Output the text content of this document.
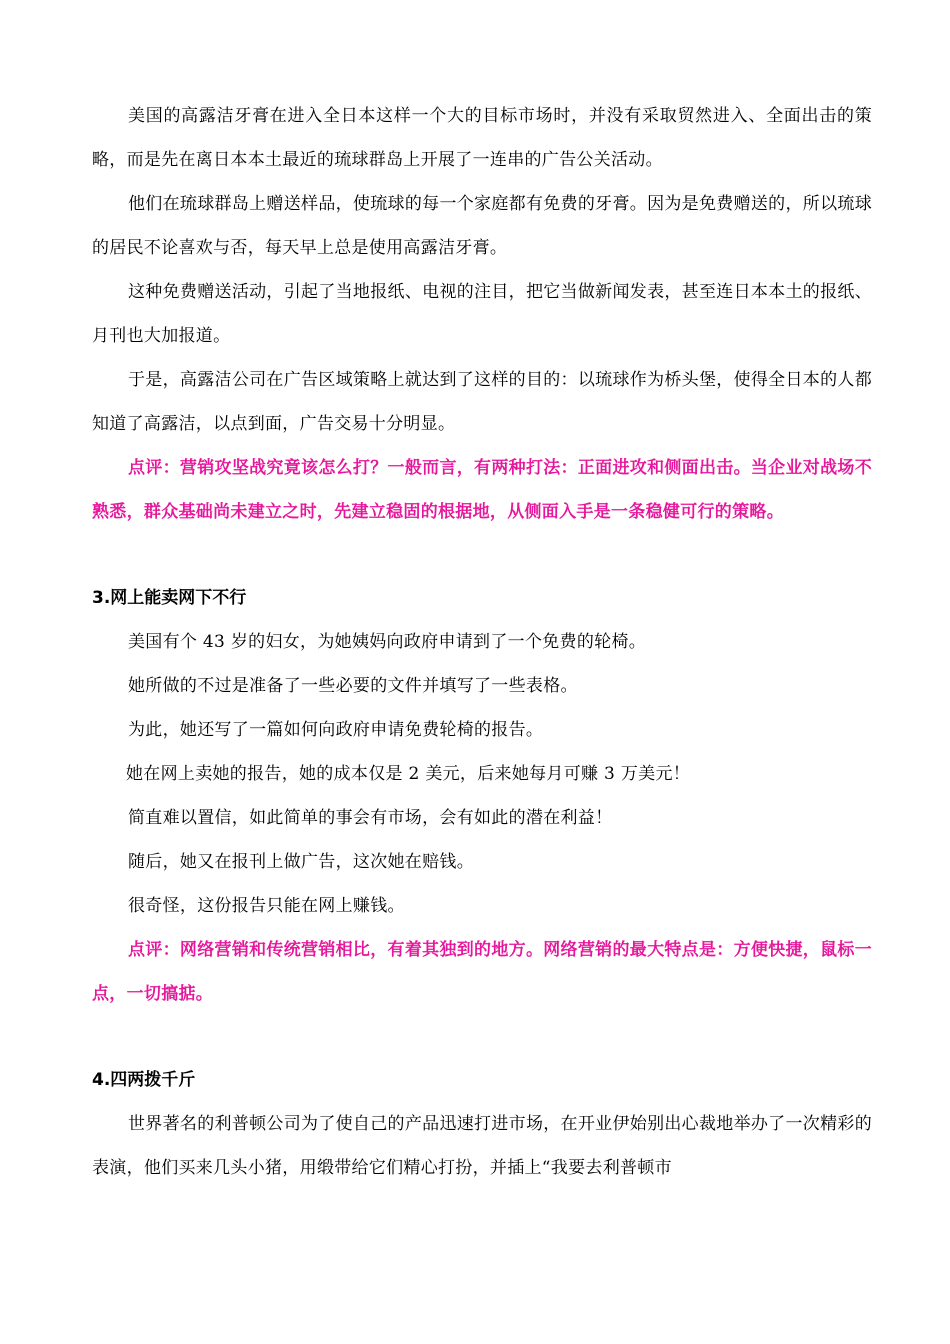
美国的高露洁牙膏在进入全日本这样一个大的目标市场时，并没有采取贸然进入、全面出击的策略，而是先在离日本本土最近的琉球群岛上开展了一连串的广告公关活动。

他们在琉球群岛上赠送样品，使琉球的每一个家庭都有免费的牙膏。因为是免费赠送的，所以琉球的居民不论喜欢与否，每天早上总是使用高露洁牙膏。

这种免费赠送活动，引起了当地报纸、电视的注目，把它当做新闻发表，甚至连日本本土的报纸、月刊也大加报道。

于是，高露洁公司在广告区域策略上就达到了这样的目的：以琉球作为桥头堡，使得全日本的人都知道了高露洁，以点到面，广告交易十分明显。

点评：营销攻坚战究竟该怎么打？一般而言，有两种打法：正面进攻和侧面出击。当企业对战场不熟悉，群众基础尚未建立之时，先建立稳固的根据地，从侧面入手是一条稳健可行的策略。

3.网上能卖网下不行

美国有个 43 岁的妇女，为她姨妈向政府申请到了一个免费的轮椅。

她所做的不过是准备了一些必要的文件并填写了一些表格。

为此，她还写了一篇如何向政府申请免费轮椅的报告。

她在网上卖她的报告，她的成本仅是 2 美元，后来她每月可赚 3 万美元！

简直难以置信，如此简单的事会有市场，会有如此的潜在利益！

随后，她又在报刊上做广告，这次她在赔钱。

很奇怪，这份报告只能在网上赚钱。

点评：网络营销和传统营销相比，有着其独到的地方。网络营销的最大特点是：方便快捷，鼠标一点，一切搞掂。

4.四两拨千斤

世界著名的利普顿公司为了使自己的产品迅速打进市场，在开业伊始别出心裁地举办了一次精彩的表演，他们买来几头小猪，用缎带给它们精心打扮，并插上“我要去利普顿市
